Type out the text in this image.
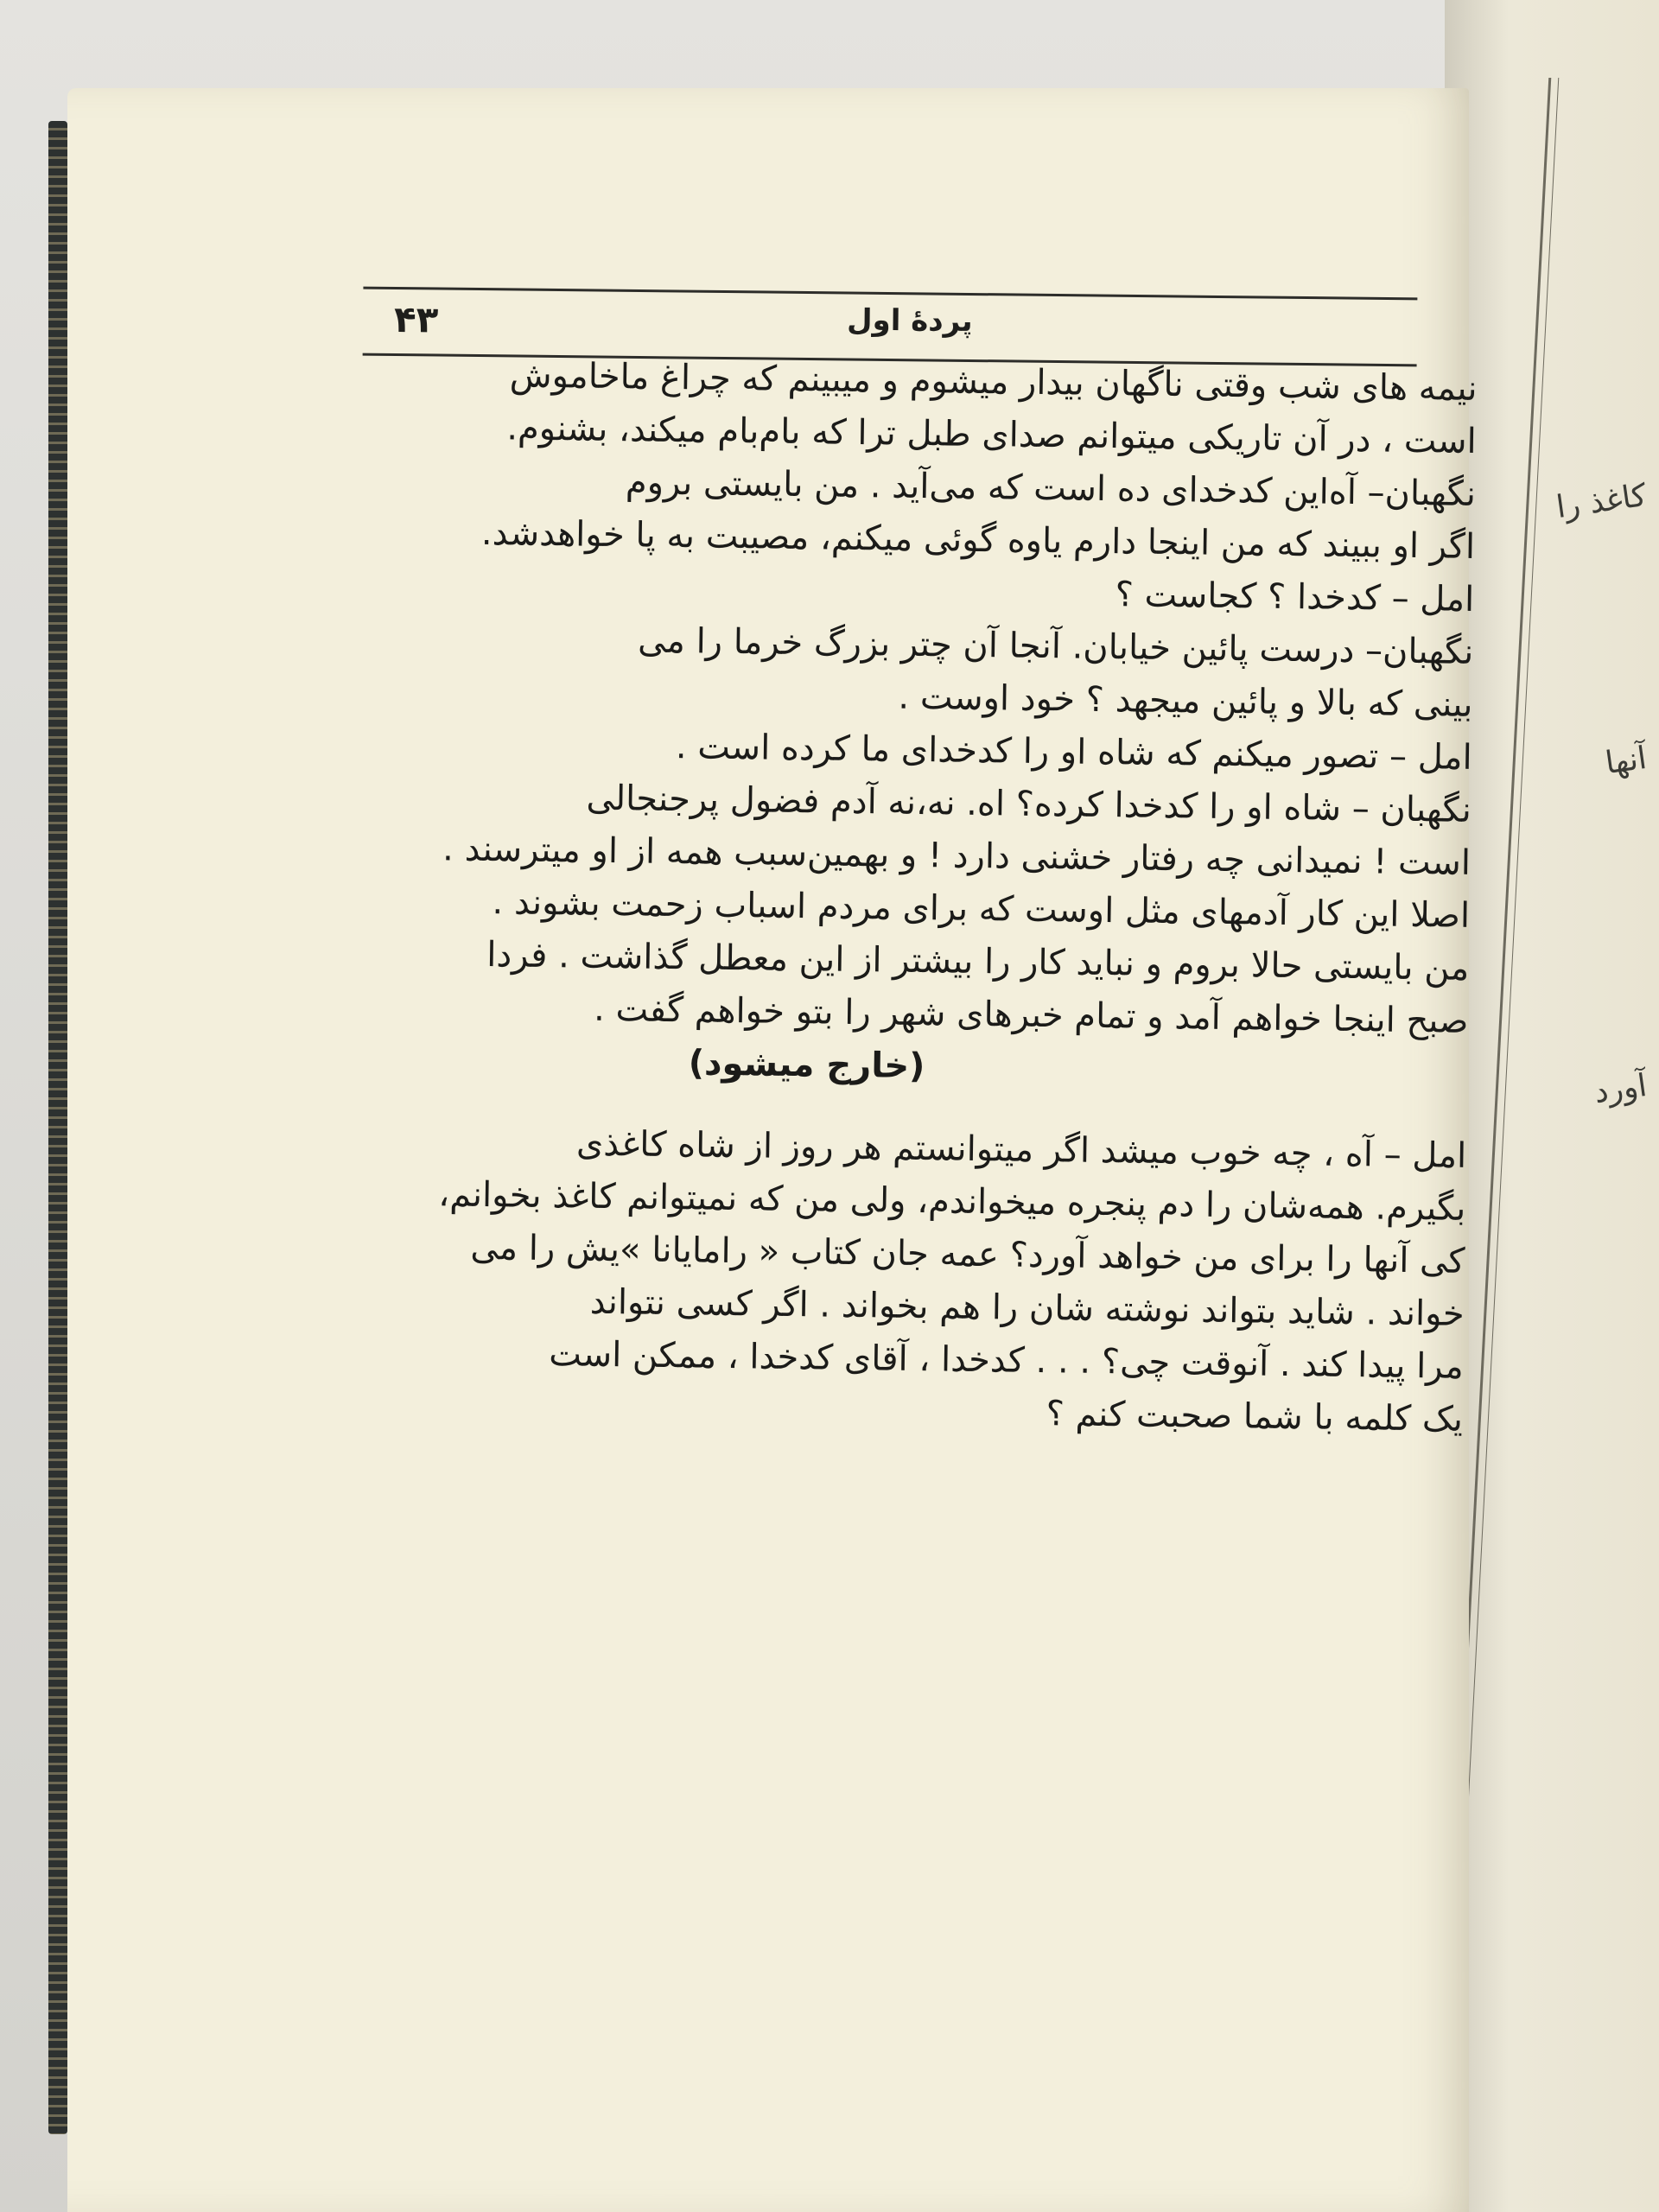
کاغذ را
آنها
آورد
۴۳	پردهٔ اول
نیمه های شب وقتی ناگهان بیدار میشوم و میبینم که چراغ ماخاموش
است ، در آن تاریکی میتوانم صدای طبل ترا که بام‌بام میکند، بشنوم.
نگهبان– آه‌این کدخدای ده است که می‌آید . من بایستی بروم
اگر او ببیند که من اینجا دارم یاوه گوئی میکنم، مصیبت به پا خواهدشد.
امل – کدخدا ؟ کجاست ؟
نگهبان– درست پائین خیابان. آنجا آن چتر بزرگ خرما را می
بینی که بالا و پائین میجهد ؟ خود اوست .
امل – تصور میکنم که شاه او را کدخدای ما کرده است .
نگهبان – شاه او را کدخدا کرده؟ اه. نه،نه آدم فضول پرجنجالی
است ! نمیدانی چه رفتار خشنی دارد ! و بهمین‌سبب همه از او میترسند .
اصلا این کار آدمهای مثل اوست که برای مردم اسباب زحمت بشوند .
من بایستی حالا بروم و نباید کار را بیشتر از این معطل گذاشت . فردا
صبح اینجا خواهم آمد و تمام خبرهای شهر را بتو خواهم گفت .
(خارج میشود)
امل – آه ، چه خوب میشد اگر میتوانستم هر روز از شاه کاغذی
بگیرم. همه‌شان را دم پنجره میخواندم، ولی من که نمیتوانم کاغذ بخوانم،
کی آنها را برای من خواهد آورد؟ عمه جان کتاب « رامایانا »یش را می
خواند . شاید بتواند نوشته شان را هم بخواند . اگر کسی نتواند
مرا پیدا کند . آنوقت چی؟ . . . کدخدا ، آقای کدخدا ، ممکن است
یک کلمه با شما صحبت کنم ؟
